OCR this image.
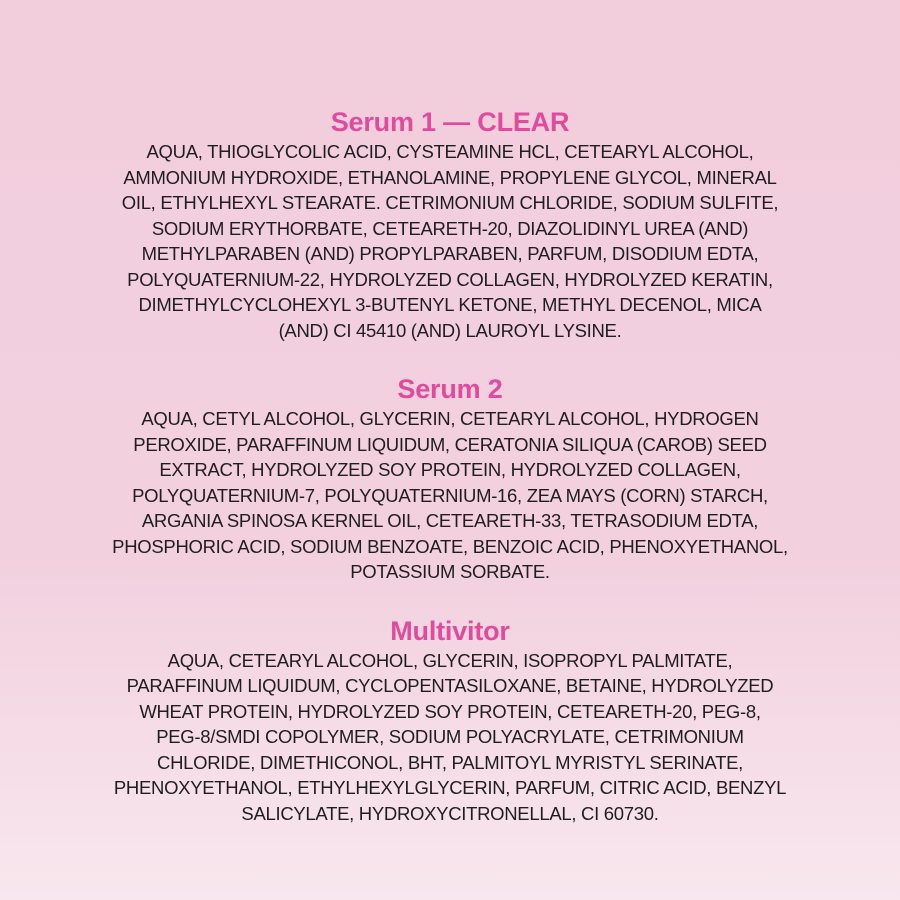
Serum 1 — CLEAR
AQUA, THIOGLYCOLIC ACID, CYSTEAMINE HCL, CETEARYL ALCOHOL,
AMMONIUM HYDROXIDE, ETHANOLAMINE, PROPYLENE GLYCOL, MINERAL
OIL, ETHYLHEXYL STEARATE. CETRIMONIUM CHLORIDE, SODIUM SULFITE,
SODIUM ERYTHORBATE, CETEARETH-20, DIAZOLIDINYL UREA (AND)
METHYLPARABEN (AND) PROPYLPARABEN, PARFUM, DISODIUM EDTA,
POLYQUATERNIUM-22, HYDROLYZED COLLAGEN, HYDROLYZED KERATIN,
DIMETHYLCYCLOHEXYL 3-BUTENYL KETONE, METHYL DECENOL, MICA
(AND) CI 45410 (AND) LAUROYL LYSINE.
Serum 2
AQUA, CETYL ALCOHOL, GLYCERIN, CETEARYL ALCOHOL, HYDROGEN
PEROXIDE, PARAFFINUM LIQUIDUM, CERATONIA SILIQUA (CAROB) SEED
EXTRACT, HYDROLYZED SOY PROTEIN, HYDROLYZED COLLAGEN,
POLYQUATERNIUM-7, POLYQUATERNIUM-16, ZEA MAYS (CORN) STARCH,
ARGANIA SPINOSA KERNEL OIL, CETEARETH-33, TETRASODIUM EDTA,
PHOSPHORIC ACID, SODIUM BENZOATE, BENZOIC ACID, PHENOXYETHANOL,
POTASSIUM SORBATE.
Multivitor
AQUA, CETEARYL ALCOHOL, GLYCERIN, ISOPROPYL PALMITATE,
PARAFFINUM LIQUIDUM, CYCLOPENTASILOXANE, BETAINE, HYDROLYZED
WHEAT PROTEIN, HYDROLYZED SOY PROTEIN, CETEARETH-20, PEG-8,
PEG-8/SMDI COPOLYMER, SODIUM POLYACRYLATE, CETRIMONIUM
CHLORIDE, DIMETHICONOL, BHT, PALMITOYL MYRISTYL SERINATE,
PHENOXYETHANOL, ETHYLHEXYLGLYCERIN, PARFUM, CITRIC ACID, BENZYL
SALICYLATE, HYDROXYCITRONELLAL, CI 60730.
